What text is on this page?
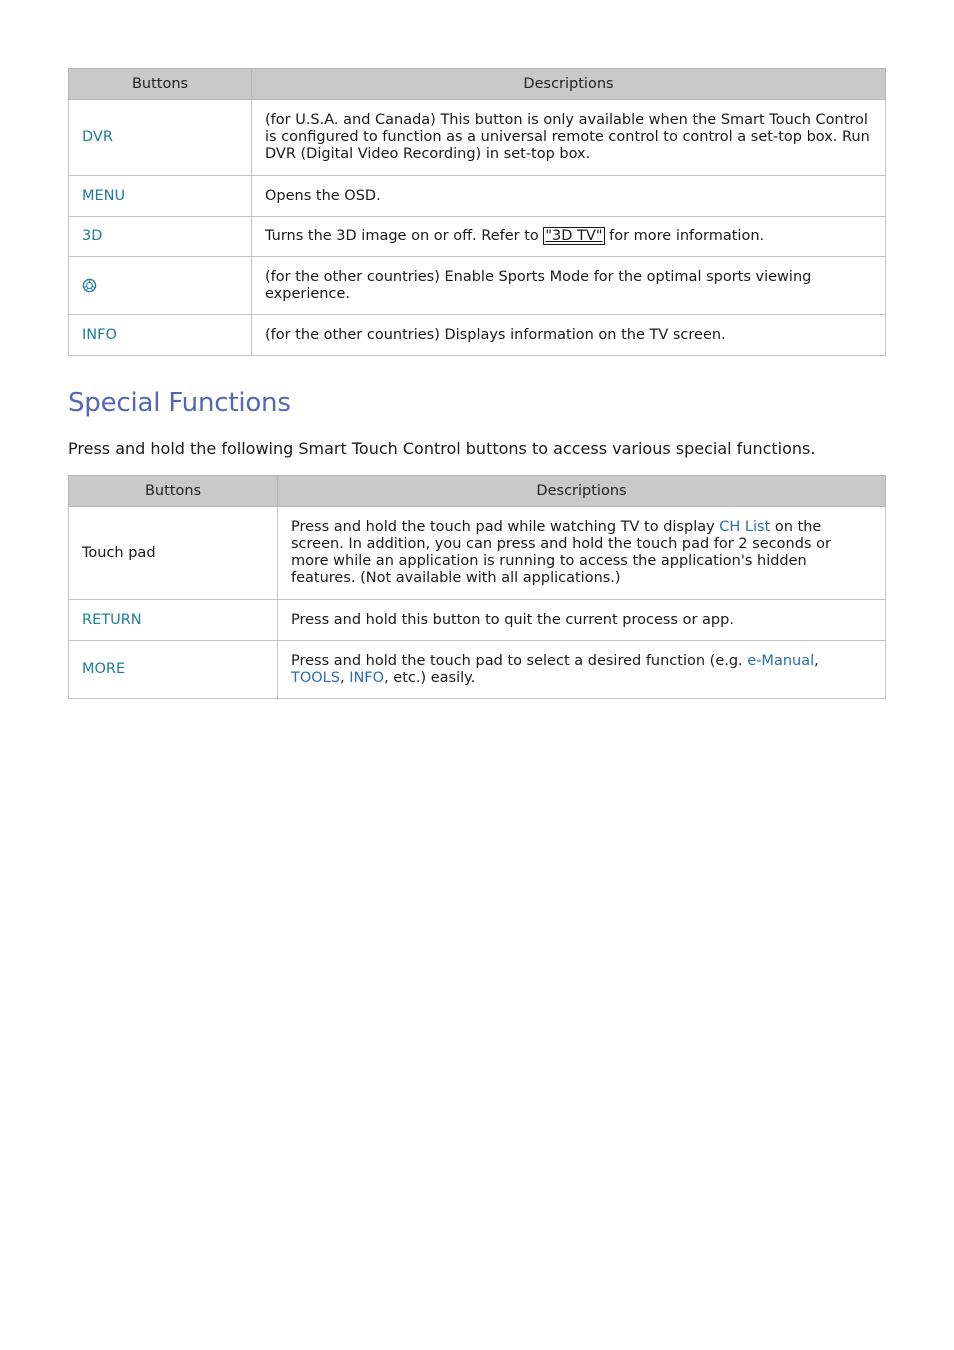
Buttons	Descriptions
DVR	(for U.S.A. and Canada) This button is only available when the Smart Touch Control is configured to function as a universal remote control to control a set-top box. Run DVR (Digital Video Recording) in set-top box.
MENU	Opens the OSD.
3D	Turns the 3D image on or off. Refer to "3D TV" for more information.
	(for the other countries) Enable Sports Mode for the optimal sports viewing experience.
INFO	(for the other countries) Displays information on the TV screen.
Special Functions

Press and hold the following Smart Touch Control buttons to access various special functions.

Buttons	Descriptions
Touch pad	Press and hold the touch pad while watching TV to display CH List on the screen. In addition, you can press and hold the touch pad for 2 seconds or more while an application is running to access the application's hidden features. (Not available with all applications.)
RETURN	Press and hold this button to quit the current process or app.
MORE	Press and hold the touch pad to select a desired function (e.g. e-Manual, TOOLS, INFO, etc.) easily.
